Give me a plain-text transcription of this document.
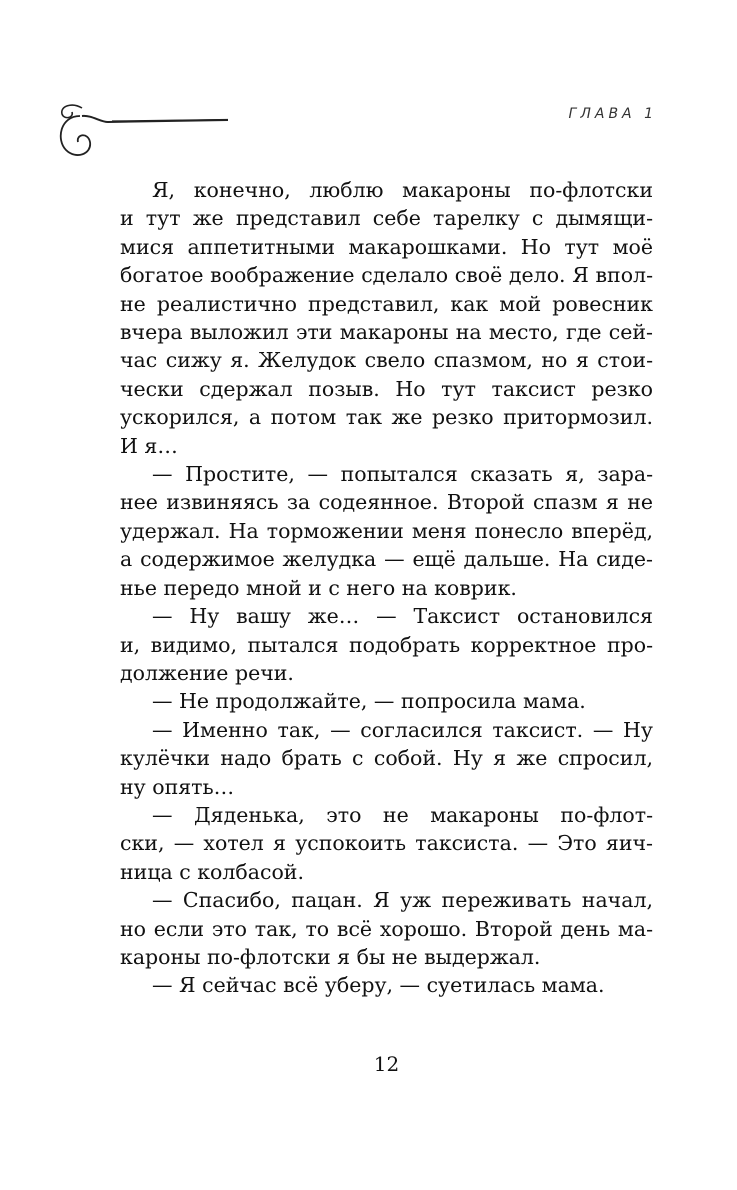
ГЛАВА 1

Я, конечно, люблю макароны по-флотски
и тут же представил себе тарелку с дымящи-
мися аппетитными макарошками. Но тут моё
богатое воображение сделало своё дело. Я впол-
не реалистично представил, как мой ровесник
вчера выложил эти макароны на место, где сей-
час сижу я. Желудок свело спазмом, но я стои-
чески сдержал позыв. Но тут таксист резко
ускорился, а потом так же резко притормозил.
И я…

— Простите, — попытался сказать я, зара-
нее извиняясь за содеянное. Второй спазм я не
удержал. На торможении меня понесло вперёд,
а содержимое желудка — ещё дальше. На сиде-
нье передо мной и с него на коврик.

— Ну вашу же… — Таксист остановился
и, видимо, пытался подобрать корректное про-
должение речи.

— Не продолжайте, — попросила мама.

— Именно так, — согласился таксист. — Ну
кулёчки надо брать с собой. Ну я же спросил,
ну опять…

— Дяденька, это не макароны по-флот-
ски, — хотел я успокоить таксиста. — Это яич-
ница с колбасой.

— Спасибо, пацан. Я уж переживать начал,
но если это так, то всё хорошо. Второй день ма-
кароны по-флотски я бы не выдержал.

— Я сейчас всё уберу, — суетилась мама.

12
